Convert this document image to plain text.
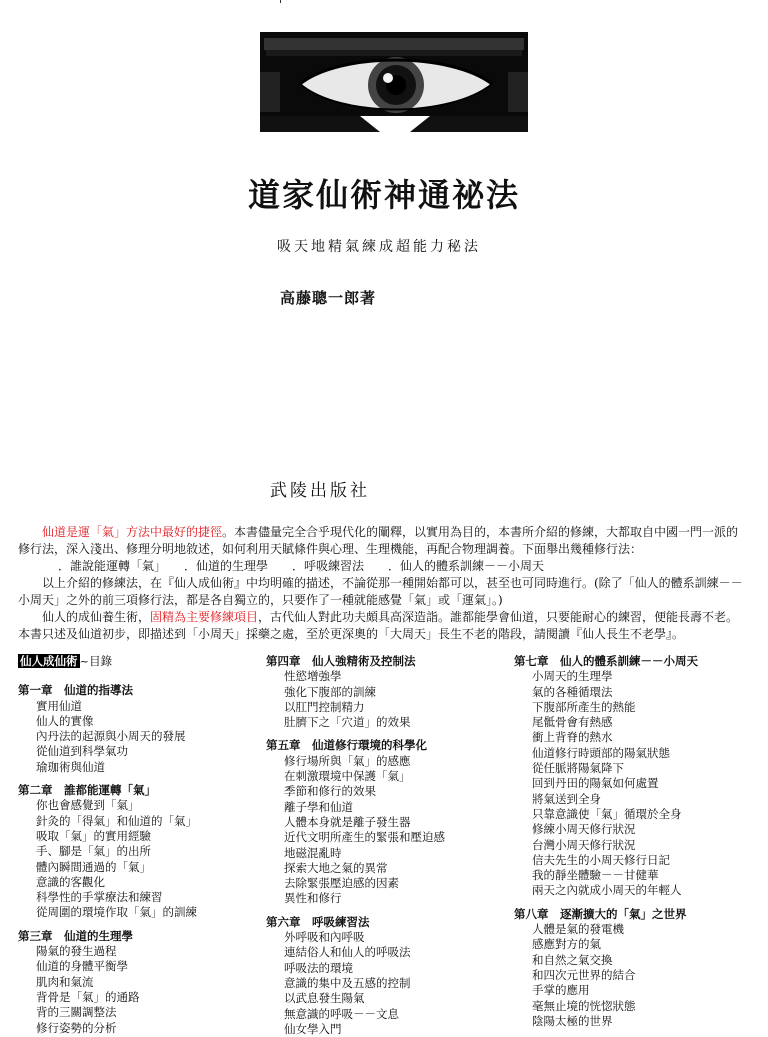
道家仙術神通祕法
吸天地精氣練成超能力秘法
高藤聰一郎著
武陵出版社

仙道是運「氣」方法中最好的捷徑。本書儘量完全合乎現代化的闡釋，以實用為目的，本書所介紹的修練，大都取自中國一門一派的修行法，深入淺出、修理分明地敘述，如何利用天賦條件與心理、生理機能，再配合物理調養。下面舉出幾種修行法：

．誰說能運轉「氣」　　．仙道的生理學　　．呼吸練習法　　．仙人的體系訓練－－小周天

以上介紹的修練法，在『仙人成仙術』中均明確的描述，不論從那一種開始都可以，甚至也可同時進行。(除了「仙人的體系訓練－－小周天」之外的前三項修行法，都是各自獨立的，只要作了一種就能感覺「氣」或「運氣」。)

仙人的成仙養生術，固精為主要修練項目，古代仙人對此功夫頗具高深造詣。誰都能學會仙道，只要能耐心的練習，便能長壽不老。本書只述及仙道初步，即描述到「小周天」採藥之處，至於更深奧的「大周天」長生不老的階段，請閱讀『仙人長生不老學』。

仙人成仙術 ~目錄
第一章　仙道的指導法
實用仙道
仙人的實像
內丹法的起源與小周天的發展
從仙道到科學氣功
瑜珈術與仙道
第二章　誰都能運轉「氣」
你也會感覺到「氣」
針灸的「得氣」和仙道的「氣」
吸取「氣」的實用經驗
手、腳是「氣」的出所
體內瞬間通過的「氣」
意識的客觀化
科學性的手掌療法和練習
從周圍的環境作取「氣」的訓練
第三章　仙道的生理學
陽氣的發生過程
仙道的身體平衡學
肌肉和氣流
背骨是「氣」的通路
背的三關調整法
修行姿勢的分析
第四章　仙人強精術及控制法
性慾增強學
強化下腹部的訓練
以肛門控制精力
肚臍下之「穴道」的效果
第五章　仙道修行環境的科學化
修行場所與「氣」的感應
在刺激環境中保護「氣」
季節和修行的效果
離子學和仙道
人體本身就是離子發生器
近代文明所產生的緊張和壓迫感
地磁混亂時
探索大地之氣的異常
去除緊張壓迫感的因素
異性和修行
第六章　呼吸練習法
外呼吸和內呼吸
連結俗人和仙人的呼吸法
呼吸法的環境
意識的集中及五感的控制
以武息發生陽氣
無意識的呼吸－－文息
仙女學入門
第七章　仙人的體系訓練－－小周天
小周天的生理學
氣的各種循環法
下腹部所產生的熱能
尾骶骨會有熱感
衝上背脊的熱水
仙道修行時頭部的陽氣狀態
從任脈將陽氣降下
回到丹田的陽氣如何處置
將氣送到全身
只靠意識使「氣」循環於全身
修練小周天修行狀況
台灣小周天修行狀況
信夫先生的小周天修行日記
我的靜坐體驗－－甘健華
兩天之內就成小周天的年輕人
第八章　逐漸擴大的「氣」之世界
人體是氣的發電機
感應對方的氣
和自然之氣交換
和四次元世界的結合
手掌的應用
毫無止境的恍惚狀態
陰陽太極的世界
